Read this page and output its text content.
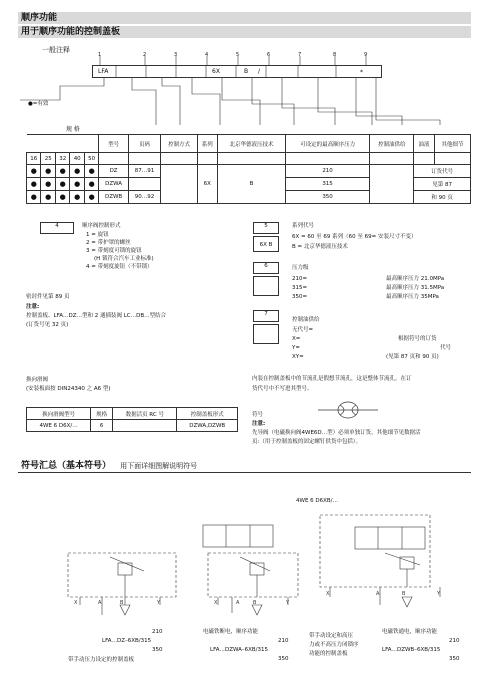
顺序功能
用于顺序功能的控制盖板
一般注释
1	2	3	4	5	6	7	8	9
LFA	6X	B /	*
●=有效
规 格
					型号	页码	控制方式	系列	北京华德液压技术	可设定的最高顺序压力	控制油供给	油液	其他细节
16	25	32	40	50									
●	●	●	●	●	DZ	87…91		6X	B	210		订货代号	
●	●	●	●	●	DZWA					315		见第 87	
●	●	●	●	●	DZWB	90…92				350		和 90 页	
4	顺序阀控制形式
1 = 旋钮
2 = 带护罩的螺丝
3 = 带刻度可锁的旋钮
(H 锁符合汽车工业标准)
4 = 带刻度旋钮（不带锁）
密封件见第 89 页
注意:
控制盖板、LFA…DZ…型和 2 通插装阀 LC…DB…型结合
(订货号见 32 页)
5	系列代号
6X B
6X = 60 至 69 系列（60 至 69= 安装尺寸不变）
B = 北京华德液压技术
6	压力级
210=	最高顺序压力 21.0MPa
315=	最高顺序压力 31.5MPa
350=	最高顺序压力 35MPa
7
控制油供给
无代号=
X=	根据符号的订货
Y=	代号
XY=	(见第 87 页和 90 页)
换向滑阀
(安装板面按 DIN24340 之 A6 型)
换向滑阀型号	规格	数据活页 RC 号	控制盖板形式
4WE 6 D6X/…	6		DZWA,DZWB
内装在控制盖板中的节流孔是假想节流孔，这是整体节流孔。在订
货代号中不写进其型号。
符号
注意:
先导阀（电磁换向阀4WE6D…型）必须单独订货，其他细节见数据活
页:（用于控制盖板的固定螺钉供货中包括）。
符号汇总（基本符号） 用下面详细图解说明符号
4WE 6 D6XB/…
X	A	B	Y	X	A	B	Y
X	A	B	Y
210
LFA…DZ–6XB/315
350
带手动压力设定的控制盖板
电磁铁断电，顺序功能
210
LFA…DZWA–6XB/315
350
带手动设定和高压
力或不高压力闭锁序
功能的控制盖板
电磁铁通电，顺序功能
210
LFA…DZWB–6XB/315
350
